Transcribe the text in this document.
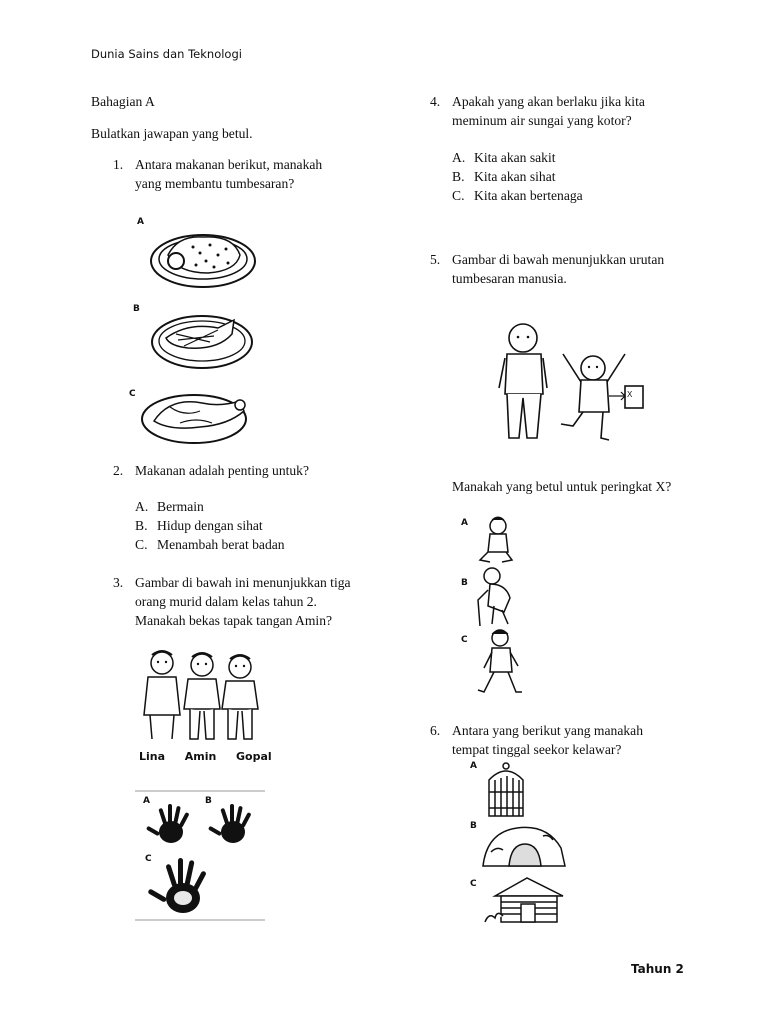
Dunia Sains dan Teknologi
Bahagian A
Bulatkan jawapan yang betul.
1. Antara makanan berikut, manakah
yang membantu tumbesaran?
A
B
C
2. Makanan adalah penting untuk?
A. Bermain
B. Hidup dengan sihat
C. Menambah berat badan
3. Gambar di bawah ini menunjukkan tiga
orang murid dalam kelas tahun 2.
Manakah bekas tapak tangan Amin?
Lina Amin Gopal
A	B
C
4. Apakah yang akan berlaku jika kita
meminum air sungai yang kotor?
A. Kita akan sakit
B. Kita akan sihat
C. Kita akan bertenaga
5. Gambar di bawah menunjukkan urutan
tumbesaran manusia.
X
Manakah yang betul untuk peringkat X?
A
B
C
6. Antara yang berikut yang manakah
tempat tinggal seekor kelawar?
A
B
C
Tahun 2
